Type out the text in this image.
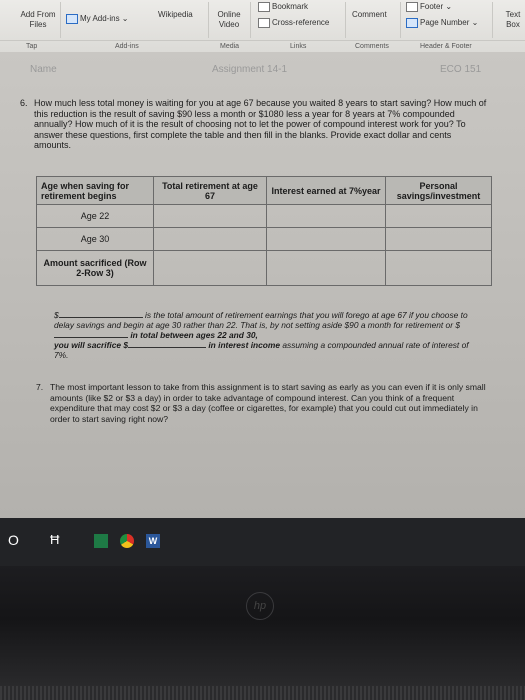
Add From
Files
My Add-ins ⌄	Wikipedia	Online
Video
Bookmark
Cross-reference
Comment
Footer ⌄
Page Number ⌄
Text
Box
Tap	Add-ins	Media	Links	Comments	Header & Footer
Name	Assignment 14-1	ECO 151
6. How much less total money is waiting for you at age 67 because you waited 8 years to start saving? How much of this reduction is the result of saving $90 less a month or $1080 less a year for 8 years at 7% compounded annually? How much of it is the result of choosing not to let the power of compound interest work for you? To answer these questions, first complete the table and then fill in the blanks. Provide exact dollar and cents amounts.
Age when saving for retirement begins	Total retirement at age 67	Interest earned at 7%year	Personal savings/investment
Age 22			
Age 30			
Amount sacrificed (Row 2-Row 3)			
$	is the total amount of retirement earnings that you will forego at age 67 if you choose to delay savings and begin at age 30 rather than 22. That is, by not setting aside $90 a month for retirement or $ in total between ages 22 and 30,
you will sacrifice $	in interest income assuming a compounded annual rate of interest of 7%.
7. The most important lesson to take from this assignment is to start saving as early as you can even if it is only small amounts (like $2 or $3 a day) in order to take advantage of compound interest. Can you think of a frequent expenditure that may cost $2 or $3 a day (coffee or cigarettes, for example) that you could cut out immediately in order to start saving right now?
O Ħ	W
hp
